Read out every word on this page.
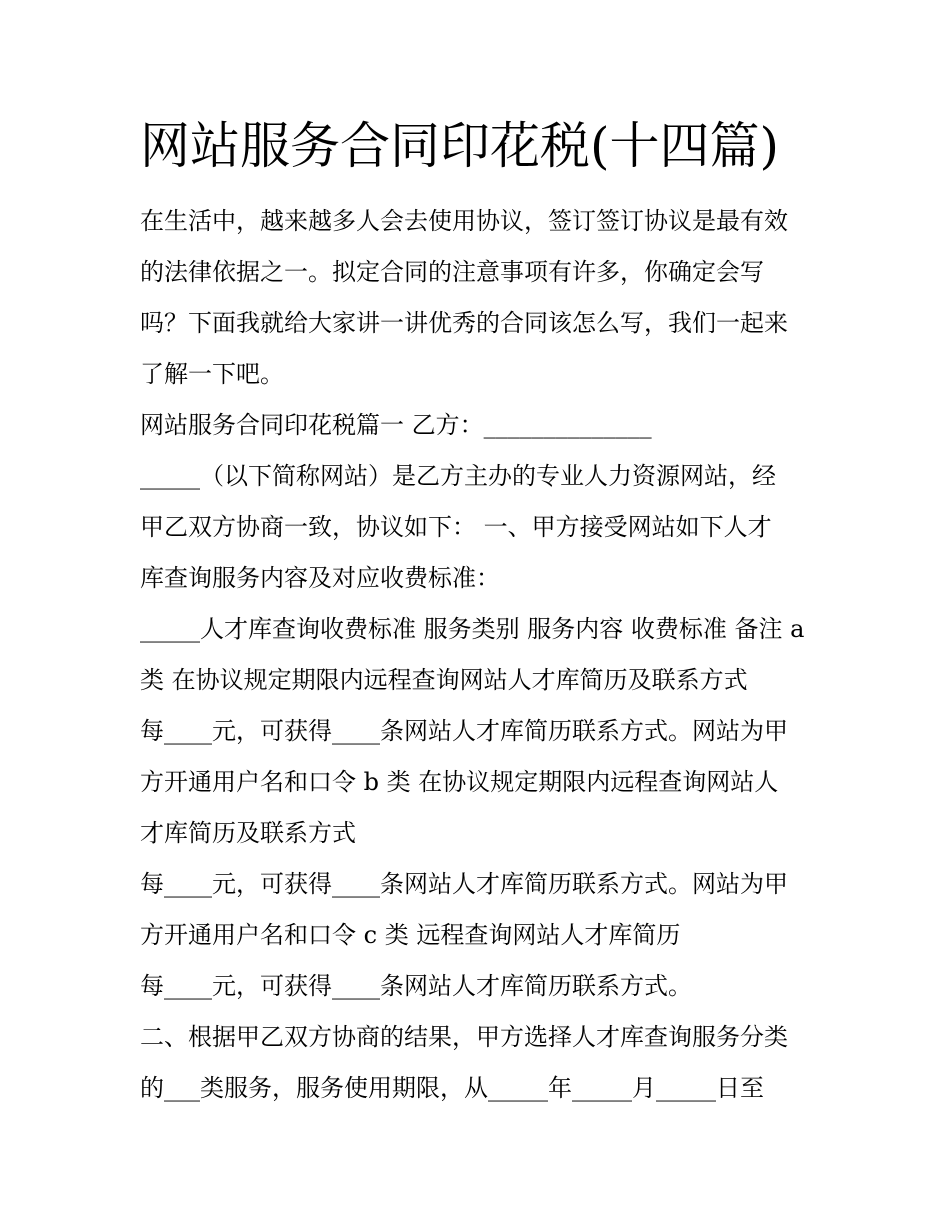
网站服务合同印花税(十四篇)

在生活中，越来越多人会去使用协议，签订签订协议是最有效

的法律依据之一。拟定合同的注意事项有许多，你确定会写

吗？下面我就给大家讲一讲优秀的合同该怎么写，我们一起来

了解一下吧。

网站服务合同印花税篇一 乙方：______________

_____（以下简称网站）是乙方主办的专业人力资源网站，经

甲乙双方协商一致，协议如下： 一、甲方接受网站如下人才

库查询服务内容及对应收费标准：

_____人才库查询收费标准 服务类别 服务内容 收费标准 备注 a

类 在协议规定期限内远程查询网站人才库简历及联系方式

每____元，可获得____条网站人才库简历联系方式。网站为甲

方开通用户名和口令 b 类 在协议规定期限内远程查询网站人

才库简历及联系方式

每____元，可获得____条网站人才库简历联系方式。网站为甲

方开通用户名和口令 c 类 远程查询网站人才库简历

每____元，可获得____条网站人才库简历联系方式。

二、根据甲乙双方协商的结果，甲方选择人才库查询服务分类

的___类服务，服务使用期限，从_____年_____月_____日至
